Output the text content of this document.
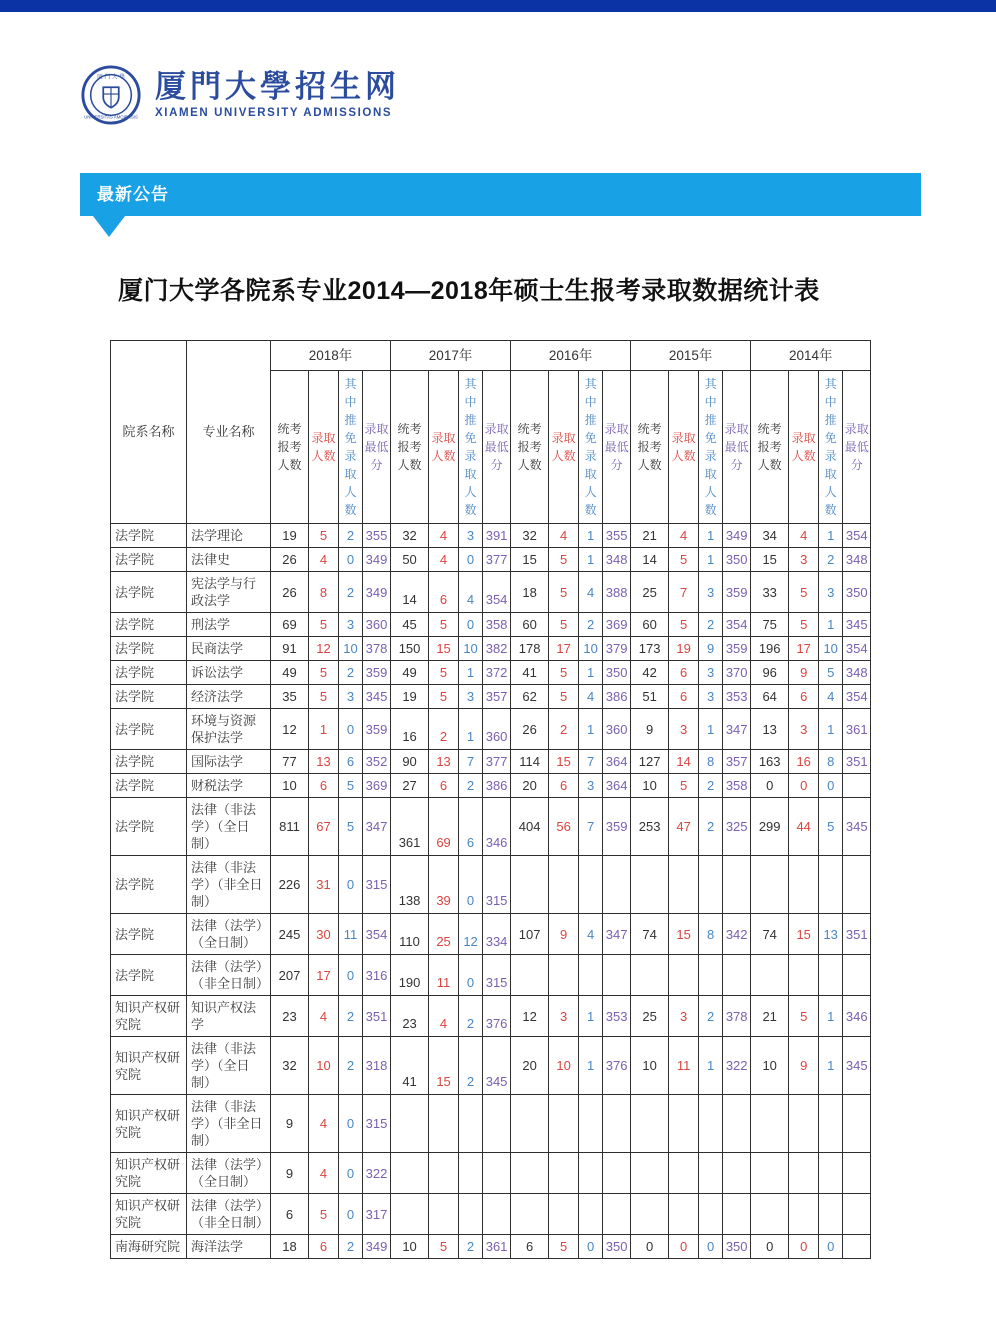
厦 門 大 學
UNIVERSITAS AMOIENSIS
厦門大學招生网
XIAMEN UNIVERSITY ADMISSIONS
最新公告
厦门大学各院系专业2014—2018年硕士生报考录取数据统计表
院系名称	专业名称	2018年				2017年				2016年				2015年				2014年			
		统考报考人数	录取人数	其中推免录取人数	录取最低分	统考报考人数	录取人数	其中推免录取人数	录取最低分	统考报考人数	录取人数	其中推免录取人数	录取最低分	统考报考人数	录取人数	其中推免录取人数	录取最低分	统考报考人数	录取人数	其中推免录取人数	录取最低分
法学院	法学理论	19	5	2	355	32	4	3	391	32	4	1	355	21	4	1	349	34	4	1	354
法学院	法律史	26	4	0	349	50	4	0	377	15	5	1	348	14	5	1	350	15	3	2	348
法学院	宪法学与行政法学	26	8	2	349	14	6	4	354	18	5	4	388	25	7	3	359	33	5	3	350
法学院	刑法学	69	5	3	360	45	5	0	358	60	5	2	369	60	5	2	354	75	5	1	345
法学院	民商法学	91	12	10	378	150	15	10	382	178	17	10	379	173	19	9	359	196	17	10	354
法学院	诉讼法学	49	5	2	359	49	5	1	372	41	5	1	350	42	6	3	370	96	9	5	348
法学院	经济法学	35	5	3	345	19	5	3	357	62	5	4	386	51	6	3	353	64	6	4	354
法学院	环境与资源保护法学	12	1	0	359	16	2	1	360	26	2	1	360	9	3	1	347	13	3	1	361
法学院	国际法学	77	13	6	352	90	13	7	377	114	15	7	364	127	14	8	357	163	16	8	351
法学院	财税法学	10	6	5	369	27	6	2	386	20	6	3	364	10	5	2	358	0	0	0	
法学院	法律（非法学）（全日制）	811	67	5	347	361	69	6	346	404	56	7	359	253	47	2	325	299	44	5	345
法学院	法律（非法学）（非全日制）	226	31	0	315	138	39	0	315												
法学院	法律（法学）（全日制）	245	30	11	354	110	25	12	334	107	9	4	347	74	15	8	342	74	15	13	351
法学院	法律（法学）（非全日制）	207	17	0	316	190	11	0	315												
知识产权研究院	知识产权法学	23	4	2	351	23	4	2	376	12	3	1	353	25	3	2	378	21	5	1	346
知识产权研究院	法律（非法学）（全日制）	32	10	2	318	41	15	2	345	20	10	1	376	10	11	1	322	10	9	1	345
知识产权研究院	法律（非法学）（非全日制）	9	4	0	315																
知识产权研究院	法律（法学）（全日制）	9	4	0	322																
知识产权研究院	法律（法学）（非全日制）	6	5	0	317																
南海研究院	海洋法学	18	6	2	349	10	5	2	361	6	5	0	350	0	0	0	350	0	0	0	
